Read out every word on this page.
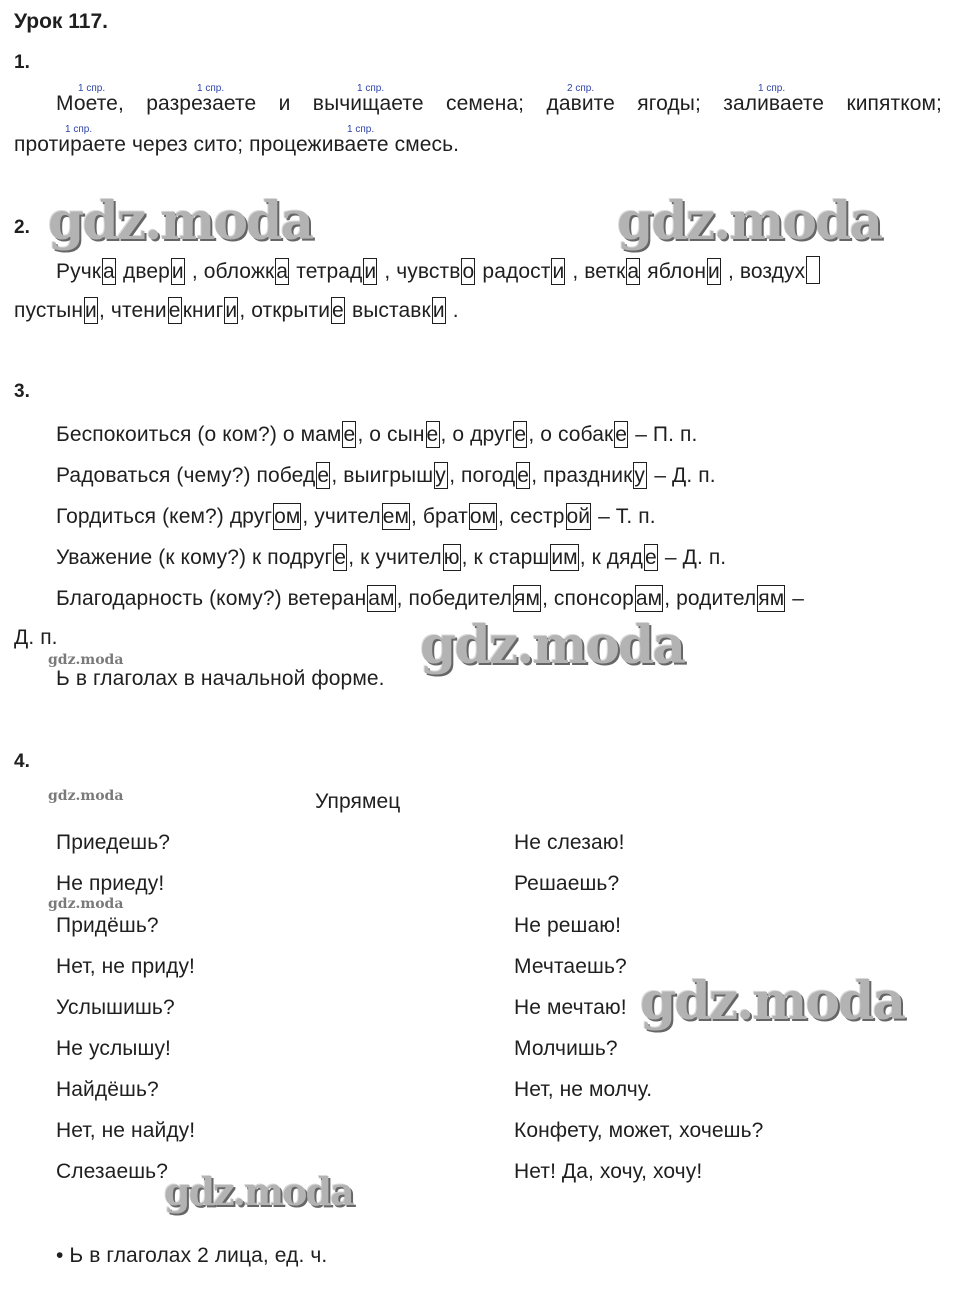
Урок 117.
1.
1 спр.	1 спр.	1 спр.	2 спр.	1 спр.
Моете, разрезаете и вычищаете семена; давите ягоды; заливаете кипятком;
1 спр.	1 спр.
протираете через сито; процеживаете смесь.
2.
Ручка двери , обложка тетради , чувство радости , ветка яблони , воздух
пустыни , чтение книги , открытие выставки .
3.
Беспокоиться (о ком?) о маме , о сыне , о друге , о собаке – П. п.
Радоваться (чему?) победе , выигрышу , погоде , празднику – Д. п.
Гордиться (кем?) другом, учителем, братом, сестрой – Т. п.
Уважение (к кому?) к подруге , к учителю, к старшим, к дяде – Д. п.
Благодарность (кому?) ветеранам, победителям, спонсорам, родителям –
Д. п.
Ь в глаголах в начальной форме.
4.
Упрямец
Приедешь?
Не приеду!
Придёшь?
Нет, не приду!
Услышишь?
Не услышу!
Найдёшь?
Нет, не найду!
Слезаешь?
Не слезаю!
Решаешь?
Не решаю!
Мечтаешь?
Не мечтаю!
Молчишь?
Нет, не молчу.
Конфету, может, хочешь?
Нет! Да, хочу, хочу!
• Ь в глаголах 2 лица, ед. ч.
gdz.moda	gdz.moda
gdz.moda
gdz.moda
gdz.moda
gdz.moda
gdz.moda
gdz.moda
